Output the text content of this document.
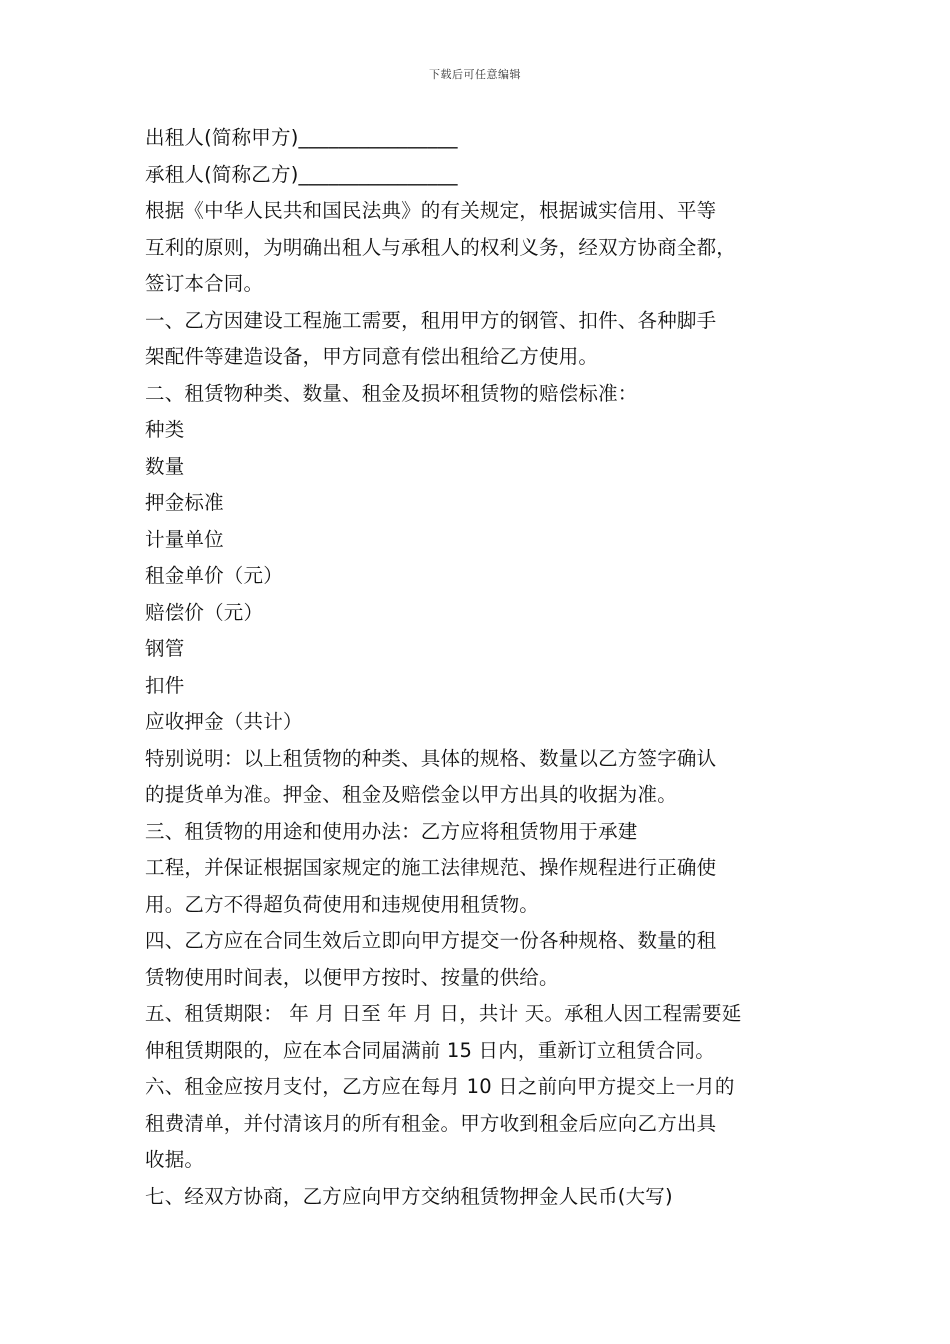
下载后可任意编辑
出租人(简称甲方)________________
承租人(简称乙方)________________
根据《中华人民共和国民法典》的有关规定，根据诚实信用、平等
互利的原则，为明确出租人与承租人的权利义务，经双方协商全都，
签订本合同。
一、乙方因建设工程施工需要，租用甲方的钢管、扣件、各种脚手
架配件等建造设备，甲方同意有偿出租给乙方使用。
二、租赁物种类、数量、租金及损坏租赁物的赔偿标准：
种类
数量
押金标准
计量单位
租金单价（元）
赔偿价（元）
钢管
扣件
应收押金（共计）
特别说明：以上租赁物的种类、具体的规格、数量以乙方签字确认
的提货单为准。押金、租金及赔偿金以甲方出具的收据为准。
三、租赁物的用途和使用办法：乙方应将租赁物用于承建
工程，并保证根据国家规定的施工法律规范、操作规程进行正确使
用。乙方不得超负荷使用和违规使用租赁物。
四、乙方应在合同生效后立即向甲方提交一份各种规格、数量的租
赁物使用时间表，以便甲方按时、按量的供给。
五、租赁期限： 年 月 日至 年 月 日，共计 天。承租人因工程需要延
伸租赁期限的，应在本合同届满前 15 日内，重新订立租赁合同。
六、租金应按月支付，乙方应在每月 10 日之前向甲方提交上一月的
租费清单，并付清该月的所有租金。甲方收到租金后应向乙方出具
收据。
七、经双方协商，乙方应向甲方交纳租赁物押金人民币(大写)
